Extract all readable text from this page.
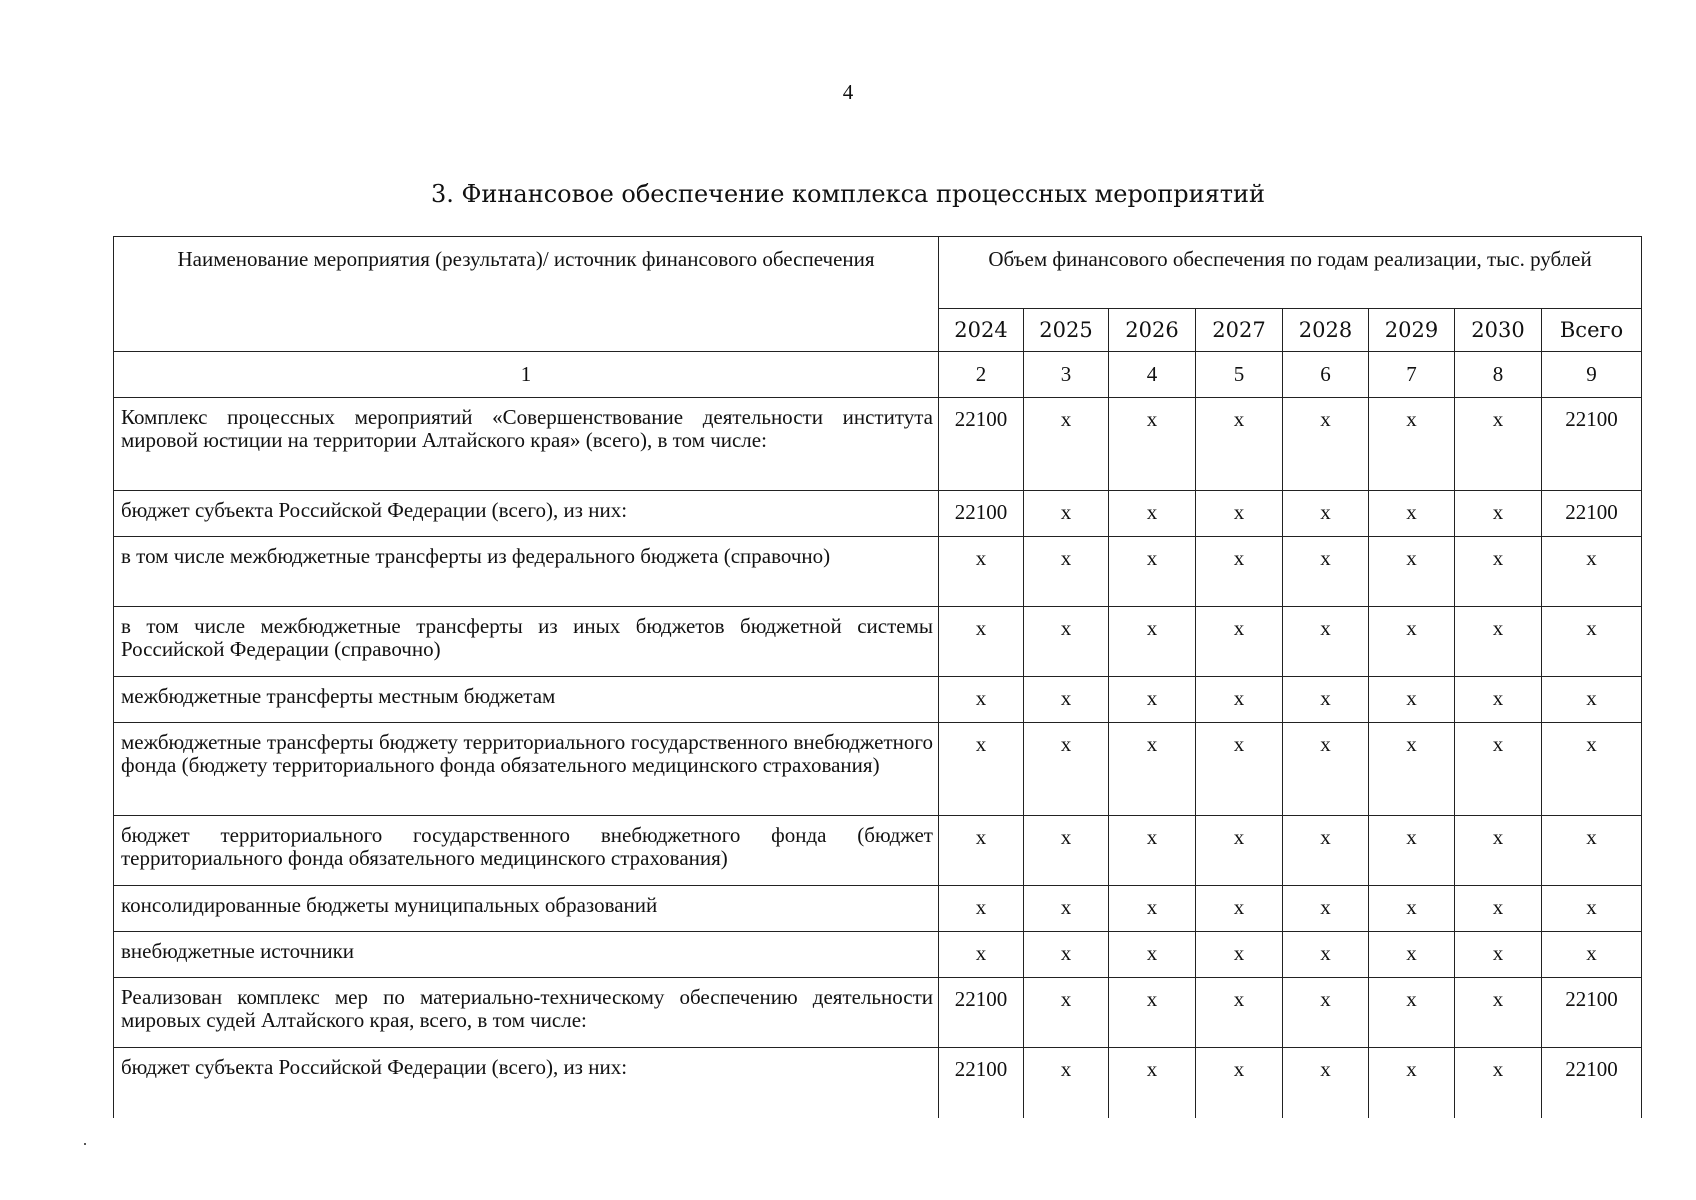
4
3. Финансовое обеспечение комплекса процессных мероприятий
Наименование мероприятия (результата)/ источник финансового обеспечения	Объем финансового обеспечения по годам реализации, тыс. рублей							
	2024	2025	2026	2027	2028	2029	2030	Всего
1	2	3	4	5	6	7	8	9
Комплекс процессных мероприятий «Совершенствование деятельности института мировой юстиции на территории Алтайского края» (всего), в том числе:	22100	x	x	x	x	x	x	22100
бюджет субъекта Российской Федерации (всего), из них:	22100	x	x	x	x	x	x	22100
в том числе межбюджетные трансферты из федерального бюджета (справочно)	x	x	x	x	x	x	x	x
в том числе межбюджетные трансферты из иных бюджетов бюджетной системы Российской Федерации (справочно)	x	x	x	x	x	x	x	x
межбюджетные трансферты местным бюджетам	x	x	x	x	x	x	x	x
межбюджетные трансферты бюджету территориального государственного внебюджетного фонда (бюджету территориального фонда обязательного медицинского страхования)	x	x	x	x	x	x	x	x
бюджет территориального государственного внебюджетного фонда (бюджет территориального фонда обязательного медицинского страхования)	x	x	x	x	x	x	x	x
консолидированные бюджеты муниципальных образований	x	x	x	x	x	x	x	x
внебюджетные источники	x	x	x	x	x	x	x	x
Реализован комплекс мер по материально-техническому обеспечению деятельности мировых судей Алтайского края, всего, в том числе:	22100	x	x	x	x	x	x	22100
бюджет субъекта Российской Федерации (всего), из них:	22100	x	x	x	x	x	x	22100
